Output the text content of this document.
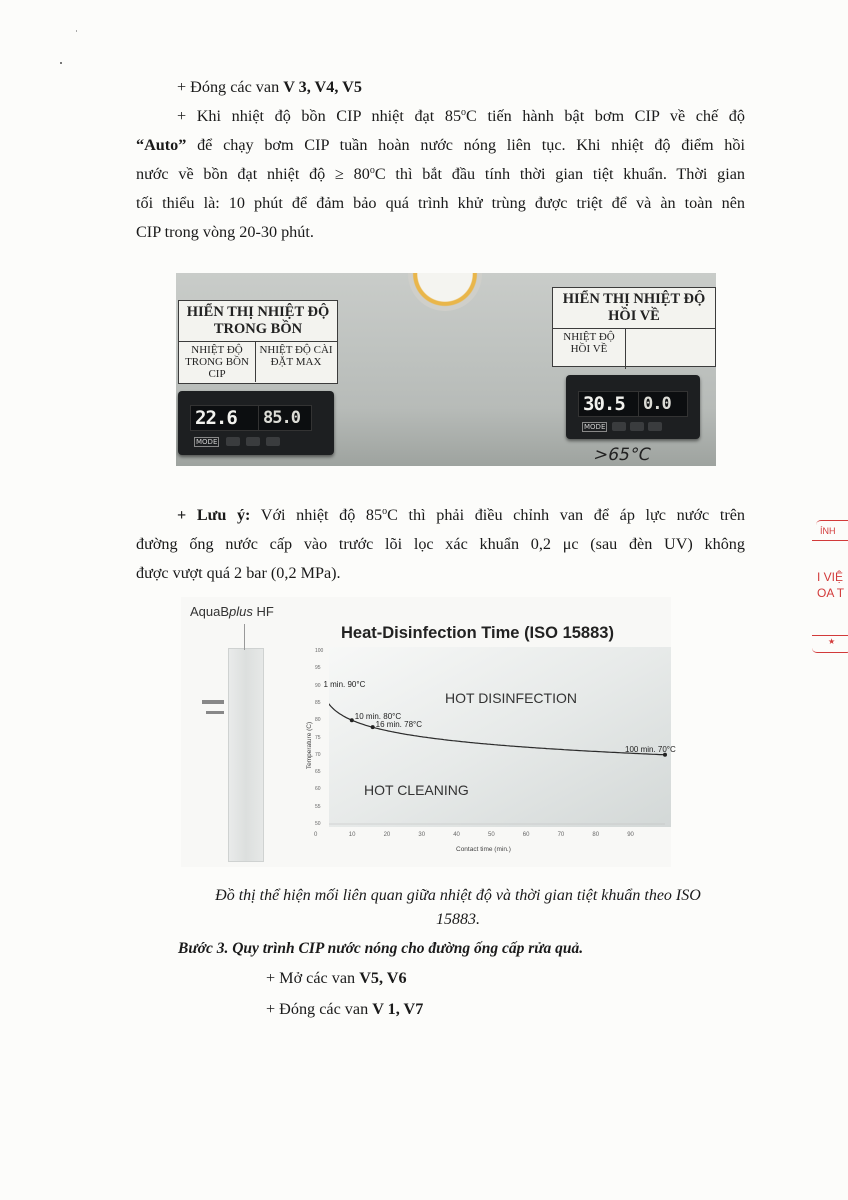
+ Đóng các van V 3, V4, V5
+ Khi nhiệt độ bồn CIP nhiệt đạt 85$^o$C tiến hành bật bơm CIP về chế độ
“Auto” để chạy bơm CIP tuần hoàn nước nóng liên tục. Khi nhiệt độ điểm hồi
nước về bồn đạt nhiệt độ ≥ $80^oC$ thì bắt đầu tính thời gian tiệt khuẩn. Thời gian
tối thiểu là: 10 phút để đảm bảo quá trình khử trùng được triệt để và àn toàn nên
CIP trong vòng 20-30 phút.
HIỂN THỊ NHIỆT ĐỘ TRONG BỒN
NHIỆT ĐỘ TRONG BỒN CIP
NHIỆT ĐỘ CÀI ĐẶT MAX
HIỂN THỊ NHIỆT ĐỘ HỒI VỀ
NHIỆT ĐỘ HỒI VỀ
22.6	85.0
MODE
30.5	0.0
MODE
>65°C
+ Lưu ý: Với nhiệt độ 85$^o$C thì phải điều chỉnh van để áp lực nước trên
đường ống nước cấp vào trước lõi lọc xác khuẩn 0,2 μc (sau đèn UV) không
được vượt quá 2 bar (0,2 MPa).
AquaBplus HF
Heat-Disinfection Time (ISO 15883)
HOT DISINFECTION
HOT CLEANING
Contact time (min.)
Temperature (C)
1 min. 90°C
10 min. 80°C
16 min. 78°C
100 min. 70°C
50
55
60
65
70
75
80
85
90
95
100
0	10	20	30	40	50	60	70	80	90
Đồ thị thể hiện mối liên quan giữa nhiệt độ và thời gian tiệt khuẩn theo ISO
15883.
Bước 3. Quy trình CIP nước nóng cho đường ống cấp rửa quả.
+ Mở các van V5, V6
+ Đóng các van V 1, V7
ÍNH
I VIỆ
OA T
★
